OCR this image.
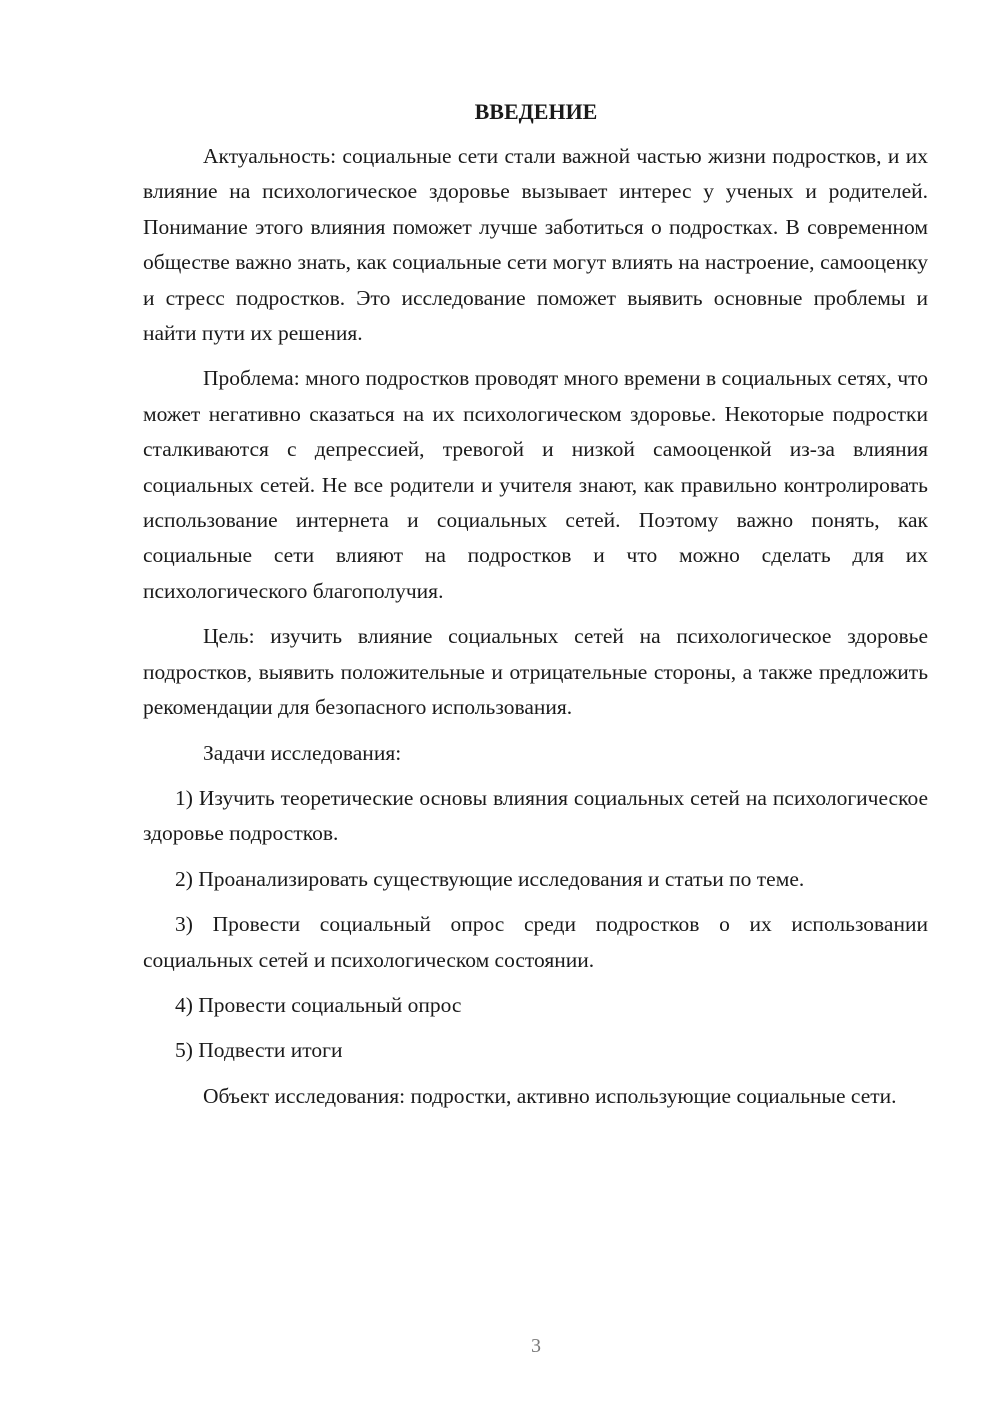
ВВЕДЕНИЕ

Актуальность: социальные сети стали важной частью жизни подростков, и их влияние на психологическое здоровье вызывает интерес у ученых и родителей. Понимание этого влияния поможет лучше заботиться о подростках. В современном обществе важно знать, как социальные сети могут влиять на настроение, самооценку и стресс подростков. Это исследование поможет выявить основные проблемы и найти пути их решения.

Проблема: много подростков проводят много времени в социальных сетях, что может негативно сказаться на их психологическом здоровье. Некоторые подростки сталкиваются с депрессией, тревогой и низкой самооценкой из-за влияния социальных сетей. Не все родители и учителя знают, как правильно контролировать использование интернета и социальных сетей. Поэтому важно понять, как социальные сети влияют на подростков и что можно сделать для их психологического благополучия.

Цель: изучить влияние социальных сетей на психологическое здоровье подростков, выявить положительные и отрицательные стороны, а также предложить рекомендации для безопасного использования.

Задачи исследования:

1) Изучить теоретические основы влияния социальных сетей на психологическое здоровье подростков.

2) Проанализировать существующие исследования и статьи по теме.

3) Провести социальный опрос среди подростков о их использовании социальных сетей и психологическом состоянии.

4) Провести социальный опрос

5) Подвести итоги

Объект исследования: подростки, активно использующие социальные сети.

3
